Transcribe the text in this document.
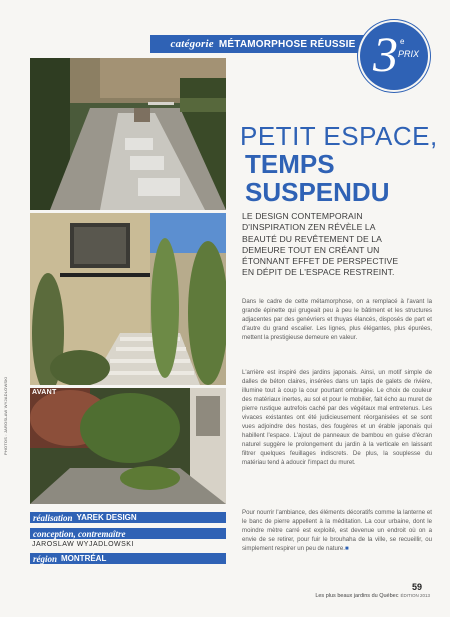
catégorie MÉTAMORPHOSE RÉUSSIE 3 e
PRIX
AVANT
PHOTOS : JAROSLAW WYJADLOWSKI
réalisation YAREK DESIGN
conception, contremaître
JAROSLAW WYJADLOWSKI
région MONTRÉAL
PETIT ESPACE,
TEMPS
SUSPENDU

LE DESIGN CONTEMPORAIN

D'INSPIRATION ZEN RÉVÈLE LA

BEAUTÉ DU REVÊTEMENT DE LA

DEMEURE TOUT EN CRÉANT UN

ÉTONNANT EFFET DE PERSPECTIVE

EN DÉPIT DE L'ESPACE RESTREINT.

Dans le cadre de cette métamorphose, on a remplacé à l'avant la grande épinette qui grugeait peu à peu le bâtiment et les structures adjacentes par des genévriers et thuyas élancés, disposés de part et d'autre du grand escalier. Les lignes, plus élégantes, plus épurées, mettent la prestigieuse demeure en valeur.

L'arrière est inspiré des jardins japonais. Ainsi, un motif simple de dalles de béton claires, insérées dans un tapis de galets de rivière, illumine tout à coup la cour pourtant ombragée. Le choix de couleur des matériaux inertes, au sol et pour le mobilier, fait écho au muret de pierre rustique autrefois caché par des végétaux mal entretenus. Les vivaces existantes ont été judicieusement réorganisées et se sont vues adjoindre des hostas, des fougères et un érable japonais qui habillent l'espace. L'ajout de panneaux de bambou en guise d'écran naturel suggère le prolongement du jardin à la verticale en laissant filtrer quelques feuillages indiscrets. De plus, la souplesse du matériau tend à adoucir l'impact du muret.

Pour nourrir l'ambiance, des éléments décoratifs comme la lanterne et le banc de pierre appellent à la méditation. La cour urbaine, dont le moindre mètre carré est exploité, est devenue un endroit où on a envie de se retirer, pour fuir le brouhaha de la ville, se recueillir, ou simplement respirer un peu de nature.■

59
Les plus beaux jardins du Québec ÉDITION 2013
